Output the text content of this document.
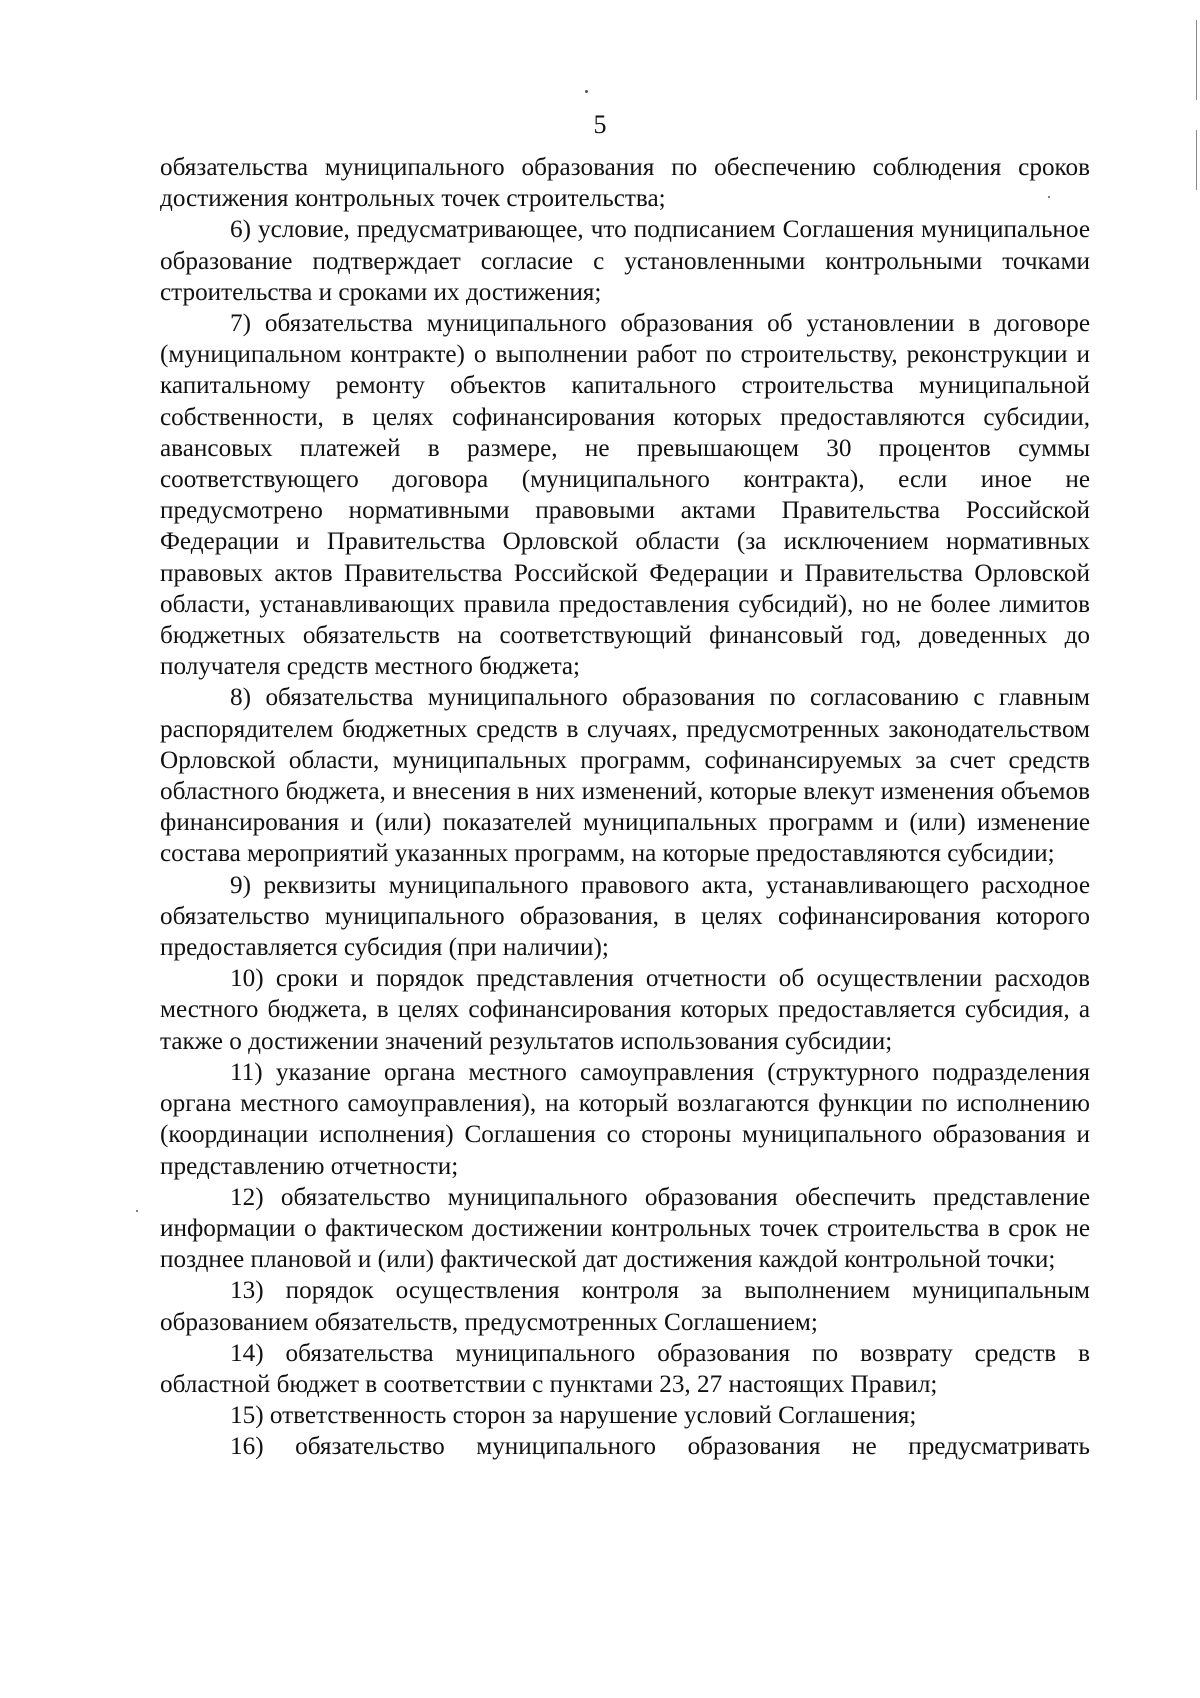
5

обязательства муниципального образования по обеспечению соблюдения сроков достижения контрольных точек строительства;

6) условие, предусматривающее, что подписанием Соглашения муниципальное образование подтверждает согласие с установленными контрольными точками строительства и сроками их достижения;

7) обязательства муниципального образования об установлении в договоре (муниципальном контракте) о выполнении работ по строительству, реконструкции и капитальному ремонту объектов капитального строительства муниципальной собственности, в целях софинансирования которых предоставляются субсидии, авансовых платежей в размере, не превышающем 30 процентов суммы соответствующего договора (муниципального контракта), если иное не предусмотрено нормативными правовыми актами Правительства Российской Федерации и Правительства Орловской области (за исключением нормативных правовых актов Правительства Российской Федерации и Правительства Орловской области, устанавливающих правила предоставления субсидий), но не более лимитов бюджетных обязательств на соответствующий финансовый год, доведенных до получателя средств местного бюджета;

8) обязательства муниципального образования по согласованию с главным распорядителем бюджетных средств в случаях, предусмотренных законодательством Орловской области, муниципальных программ, софинансируемых за счет средств областного бюджета, и внесения в них изменений, которые влекут изменения объемов финансирования и (или) показателей муниципальных программ и (или) изменение состава мероприятий указанных программ, на которые предоставляются субсидии;

9) реквизиты муниципального правового акта, устанавливающего расходное обязательство муниципального образования, в целях софинансирования которого предоставляется субсидия (при наличии);

10) сроки и порядок представления отчетности об осуществлении расходов местного бюджета, в целях софинансирования которых предоставляется субсидия, а также о достижении значений результатов использования субсидии;

11) указание органа местного самоуправления (структурного подразделения органа местного самоуправления), на который возлагаются функции по исполнению (координации исполнения) Соглашения со стороны муниципального образования и представлению отчетности;

12) обязательство муниципального образования обеспечить представление информации о фактическом достижении контрольных точек строительства в срок не позднее плановой и (или) фактической дат достижения каждой контрольной точки;

13) порядок осуществления контроля за выполнением муниципальным образованием обязательств, предусмотренных Соглашением;

14) обязательства муниципального образования по возврату средств в областной бюджет в соответствии с пунктами 23, 27 настоящих Правил;

15) ответственность сторон за нарушение условий Соглашения;

16) обязательство муниципального образования не предусматривать
